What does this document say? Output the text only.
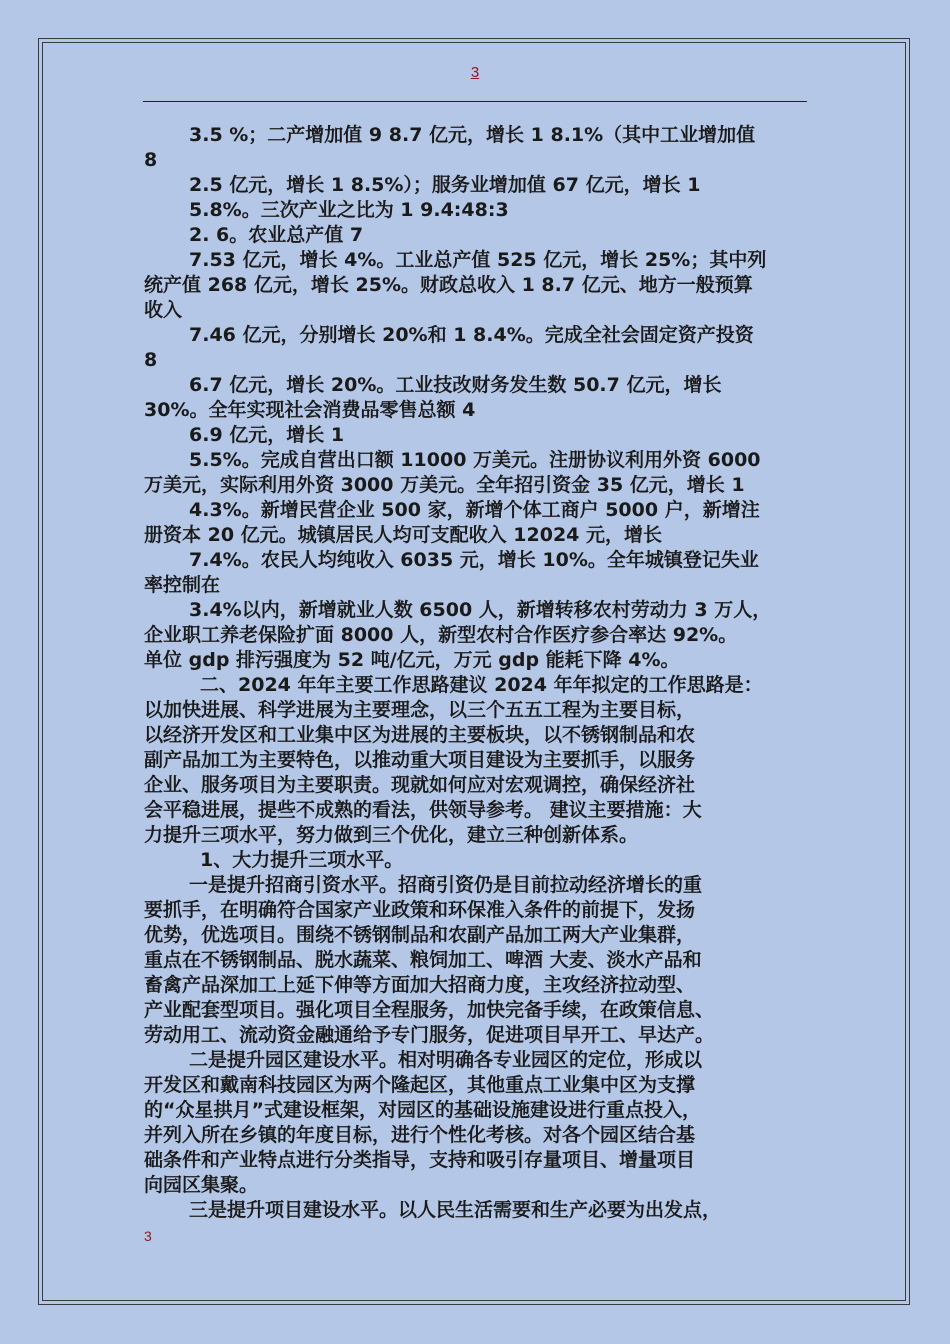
3
3.5 %；二产增加值 9 8.7 亿元，增长 1 8.1%（其中工业增加值
8
2.5 亿元，增长 1 8.5%）；服务业增加值 67 亿元，增长 1
5.8%。三次产业之比为 1 9.4:48:3
2. 6。农业总产值 7
7.53 亿元，增长 4%。工业总产值 525 亿元，增长 25%；其中列
统产值 268 亿元，增长 25%。财政总收入 1 8.7 亿元、地方一般预算
收入
7.46 亿元，分别增长 20%和 1 8.4%。完成全社会固定资产投资
8
6.7 亿元，增长 20%。工业技改财务发生数 50.7 亿元，增长
30%。全年实现社会消费品零售总额 4
6.9 亿元，增长 1
5.5%。完成自营出口额 11000 万美元。注册协议利用外资 6000
万美元，实际利用外资 3000 万美元。全年招引资金 35 亿元，增长 1
4.3%。新增民营企业 500 家，新增个体工商户 5000 户，新增注
册资本 20 亿元。城镇居民人均可支配收入 12024 元，增长
7.4%。农民人均纯收入 6035 元，增长 10%。全年城镇登记失业
率控制在
3.4%以内，新增就业人数 6500 人，新增转移农村劳动力 3 万人，
企业职工养老保险扩面 8000 人，新型农村合作医疗参合率达 92%。
单位 gdp 排污强度为 52 吨/亿元，万元 gdp 能耗下降 4%。
二、2024 年年主要工作思路建议 2024 年年拟定的工作思路是：
以加快进展、科学进展为主要理念，以三个五五工程为主要目标，
以经济开发区和工业集中区为进展的主要板块，以不锈钢制品和农
副产品加工为主要特色，以推动重大项目建设为主要抓手，以服务
企业、服务项目为主要职责。现就如何应对宏观调控，确保经济社
会平稳进展，提些不成熟的看法，供领导参考。 建议主要措施：大
力提升三项水平，努力做到三个优化，建立三种创新体系。
1、大力提升三项水平。
一是提升招商引资水平。招商引资仍是目前拉动经济增长的重
要抓手，在明确符合国家产业政策和环保准入条件的前提下，发扬
优势，优选项目。围绕不锈钢制品和农副产品加工两大产业集群，
重点在不锈钢制品、脱水蔬菜、粮饲加工、啤酒 大麦、淡水产品和
畜禽产品深加工上延下伸等方面加大招商力度，主攻经济拉动型、
产业配套型项目。强化项目全程服务，加快完备手续，在政策信息、
劳动用工、流动资金融通给予专门服务，促进项目早开工、早达产。
二是提升园区建设水平。相对明确各专业园区的定位，形成以
开发区和戴南科技园区为两个隆起区，其他重点工业集中区为支撑
的“众星拱月”式建设框架，对园区的基础设施建设进行重点投入，
并列入所在乡镇的年度目标，进行个性化考核。对各个园区结合基
础条件和产业特点进行分类指导，支持和吸引存量项目、增量项目
向园区集聚。
三是提升项目建设水平。以人民生活需要和生产必要为出发点，
3
